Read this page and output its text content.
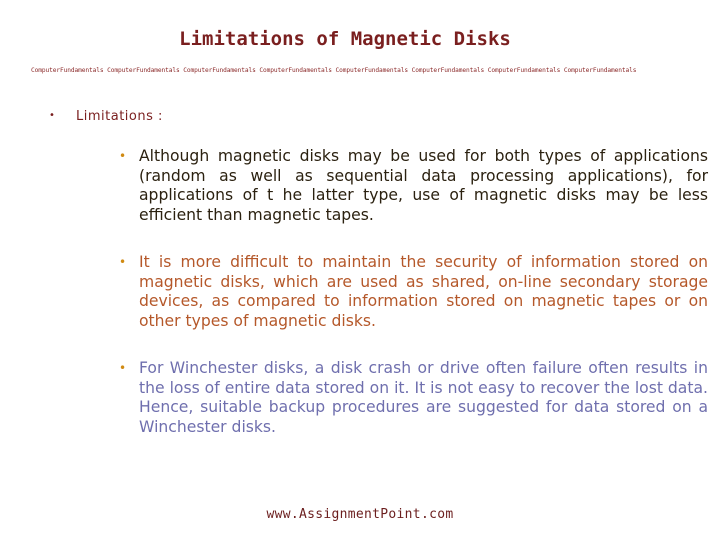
Limitations of Magnetic Disks
ComputerFundamentals ComputerFundamentals ComputerFundamentals ComputerFundamentals ComputerFundamentals ComputerFundamentals ComputerFundamentals ComputerFundamentals
• Limitations :
• Although magnetic disks may be used for both types of applications (random as well as sequential data processing applications), for applications of t he latter type, use of magnetic disks may be less efficient than magnetic tapes.
• It is more difficult to maintain the security of information stored on magnetic disks, which are used as shared, on-line secondary storage devices, as compared to information stored on magnetic tapes or on other types of magnetic disks.
• For Winchester disks, a disk crash or drive often failure often results in the loss of entire data stored on it. It is not easy to recover the lost data. Hence, suitable backup procedures are suggested for data stored on a Winchester disks.
www.AssignmentPoint.com
